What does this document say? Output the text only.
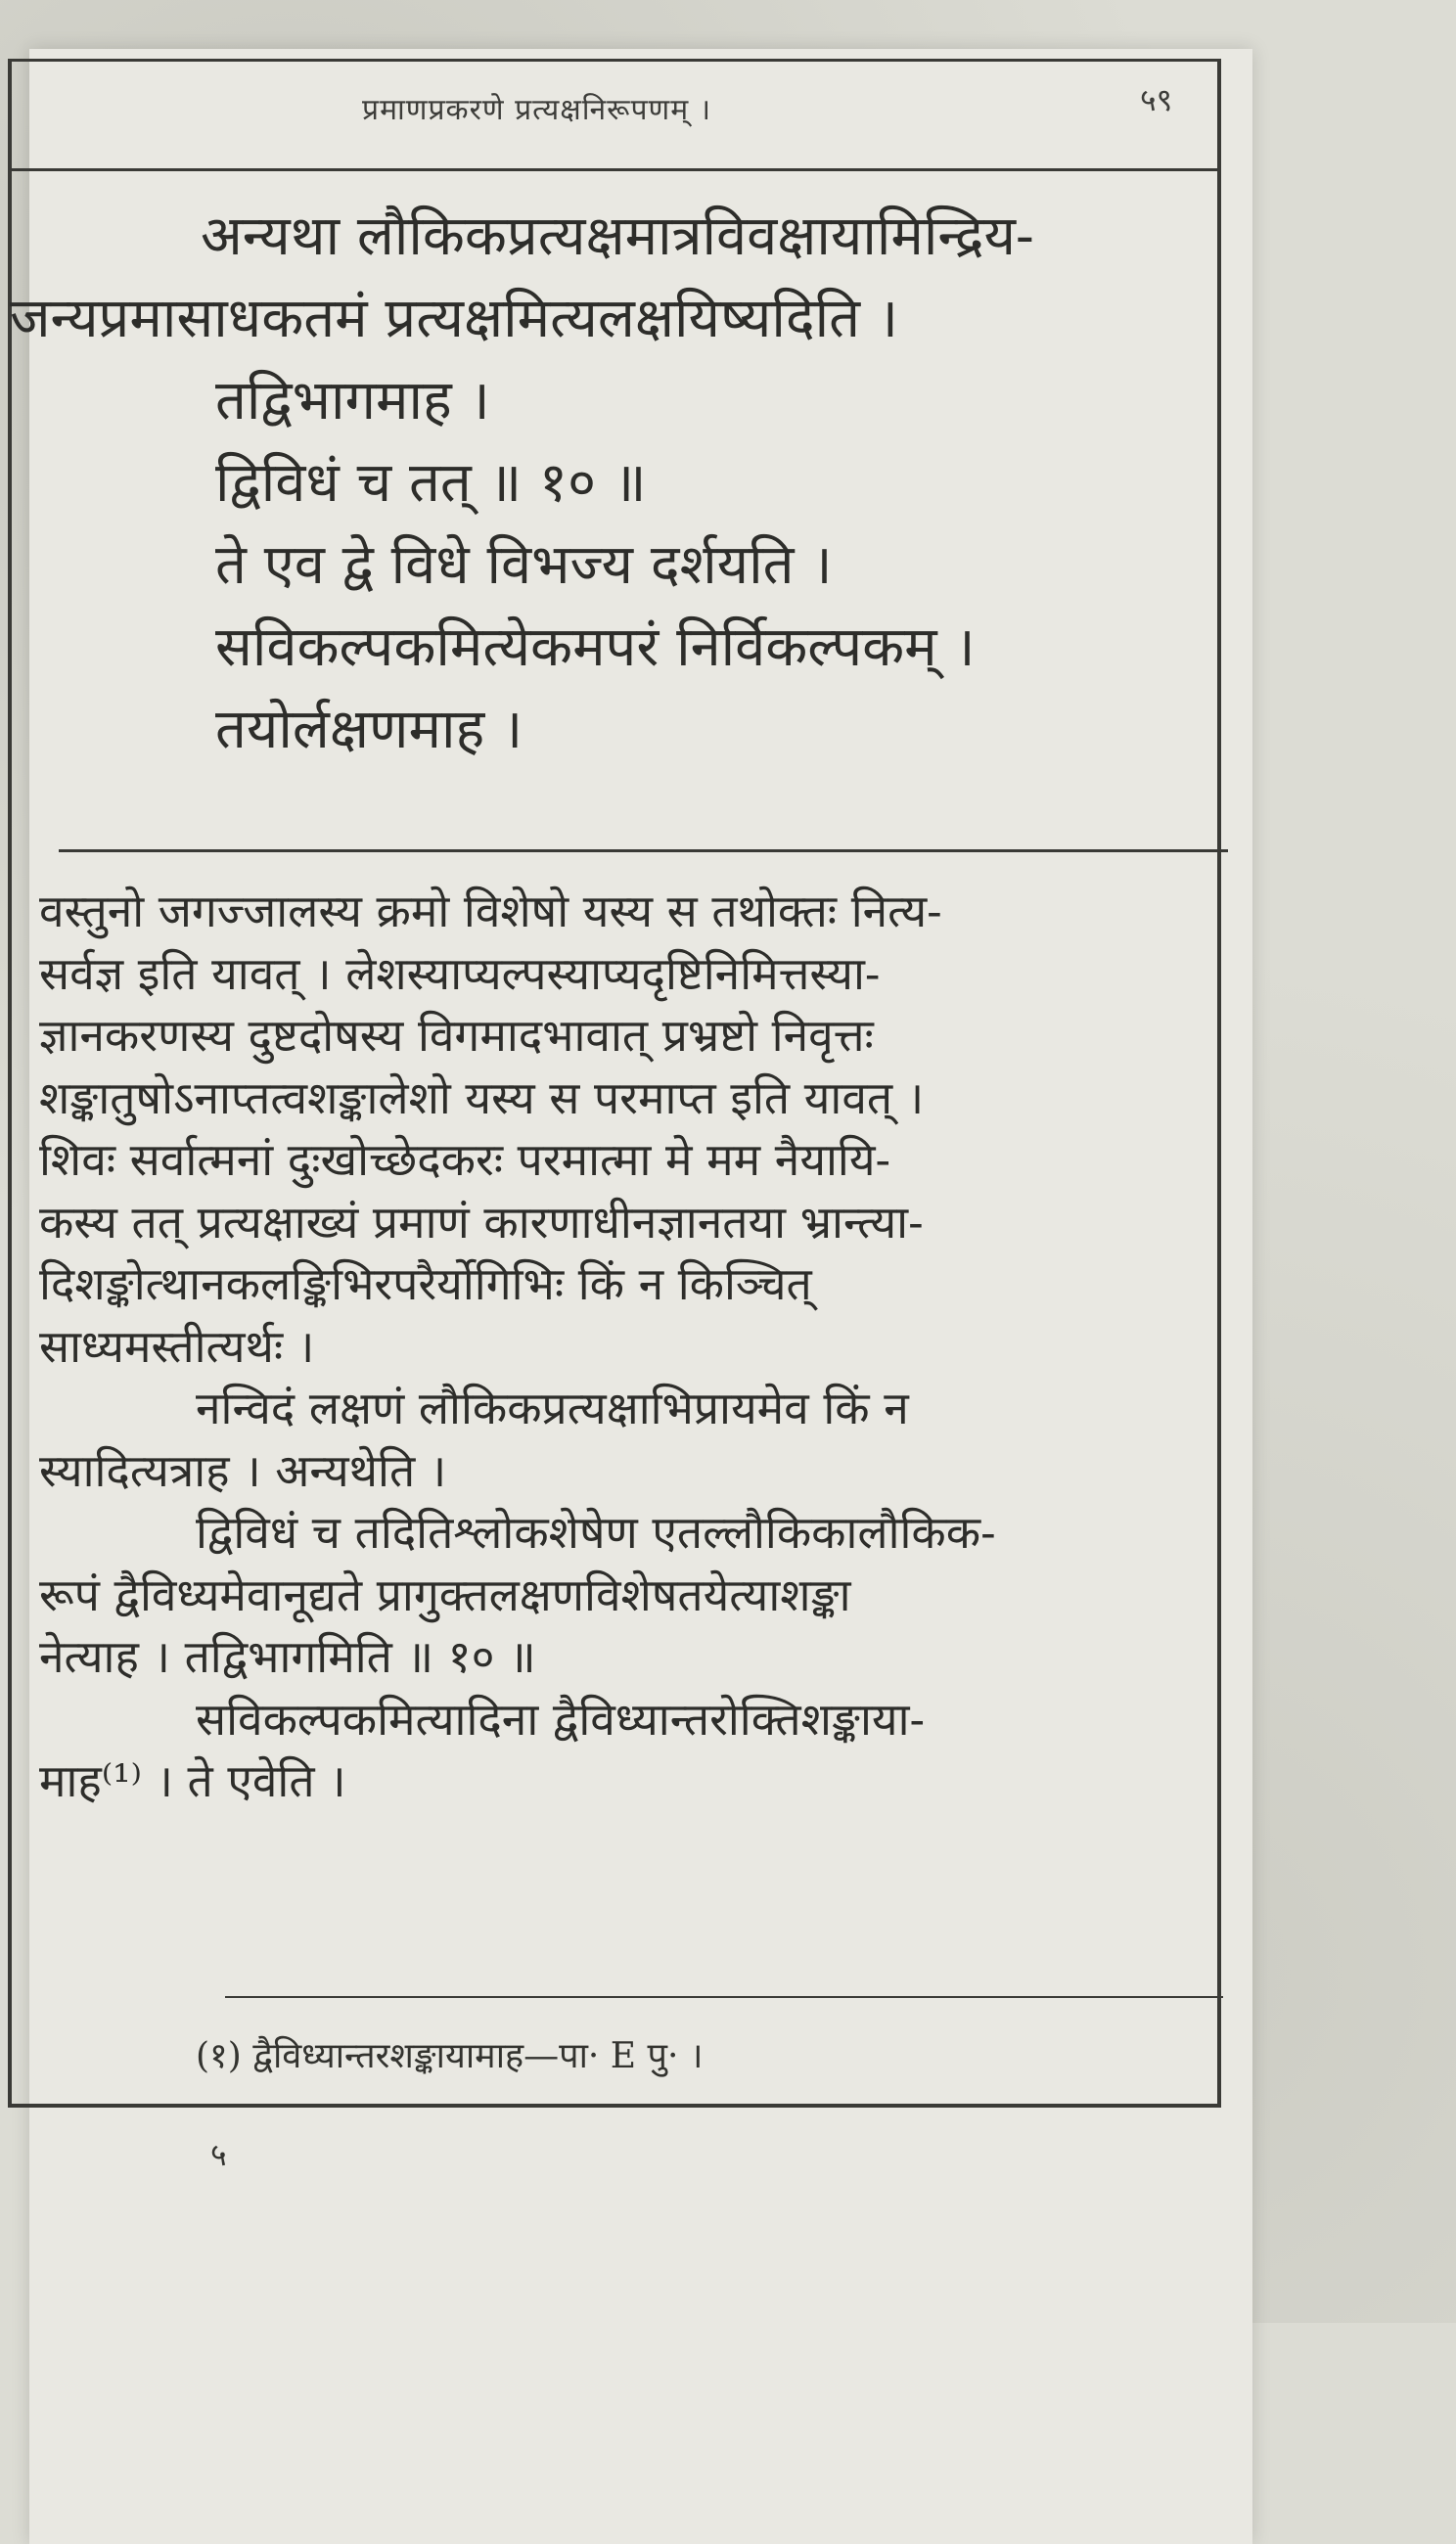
प्रमाणप्रकरणे प्रत्यक्षनिरूपणम् ।	५९
अन्यथा लौकिकप्रत्यक्षमात्रविवक्षायामिन्द्रिय-
जन्यप्रमासाधकतमं प्रत्यक्षमित्यलक्षयिष्यदिति ।
तद्विभागमाह ।
द्विविधं च तत् ॥ १० ॥
ते एव द्वे विधे विभज्य दर्शयति ।
सविकल्पकमित्येकमपरं निर्विकल्पकम् ।
तयोर्लक्षणमाह ।
वस्तुनो जगज्जालस्य क्रमो विशेषो यस्य स तथोक्तः नित्य-
सर्वज्ञ इति यावत् । लेशस्याप्यल्पस्याप्यदृष्टिनिमित्तस्या-
ज्ञानकरणस्य दुष्टदोषस्य विगमादभावात् प्रभ्रष्टो निवृत्तः
शङ्कातुषोऽनाप्तत्वशङ्कालेशो यस्य स परमाप्त इति यावत् ।
शिवः सर्वात्मनां दुःखोच्छेदकरः परमात्मा मे मम नैयायि-
कस्य तत् प्रत्यक्षाख्यं प्रमाणं कारणाधीनज्ञानतया भ्रान्त्या-
दिशङ्कोत्थानकलङ्किभिरपरैर्योगिभिः किं न किञ्चित्
साध्यमस्तीत्यर्थः ।
नन्विदं लक्षणं लौकिकप्रत्यक्षाभिप्रायमेव किं न
स्यादित्यत्राह । अन्यथेति ।
द्विविधं च तदितिश्लोकशेषेण एतल्लौकिकालौकिक-
रूपं द्वैविध्यमेवानूद्यते प्रागुक्तलक्षणविशेषतयेत्याशङ्का
नेत्याह । तद्विभागमिति ॥ १० ॥
सविकल्पकमित्यादिना द्वैविध्यान्तरोक्तिशङ्काया-
माह⁽¹⁾ । ते एवेति ।
(१) द्वैविध्यान्तरशङ्कायामाह—पा· E पु· ।
५
